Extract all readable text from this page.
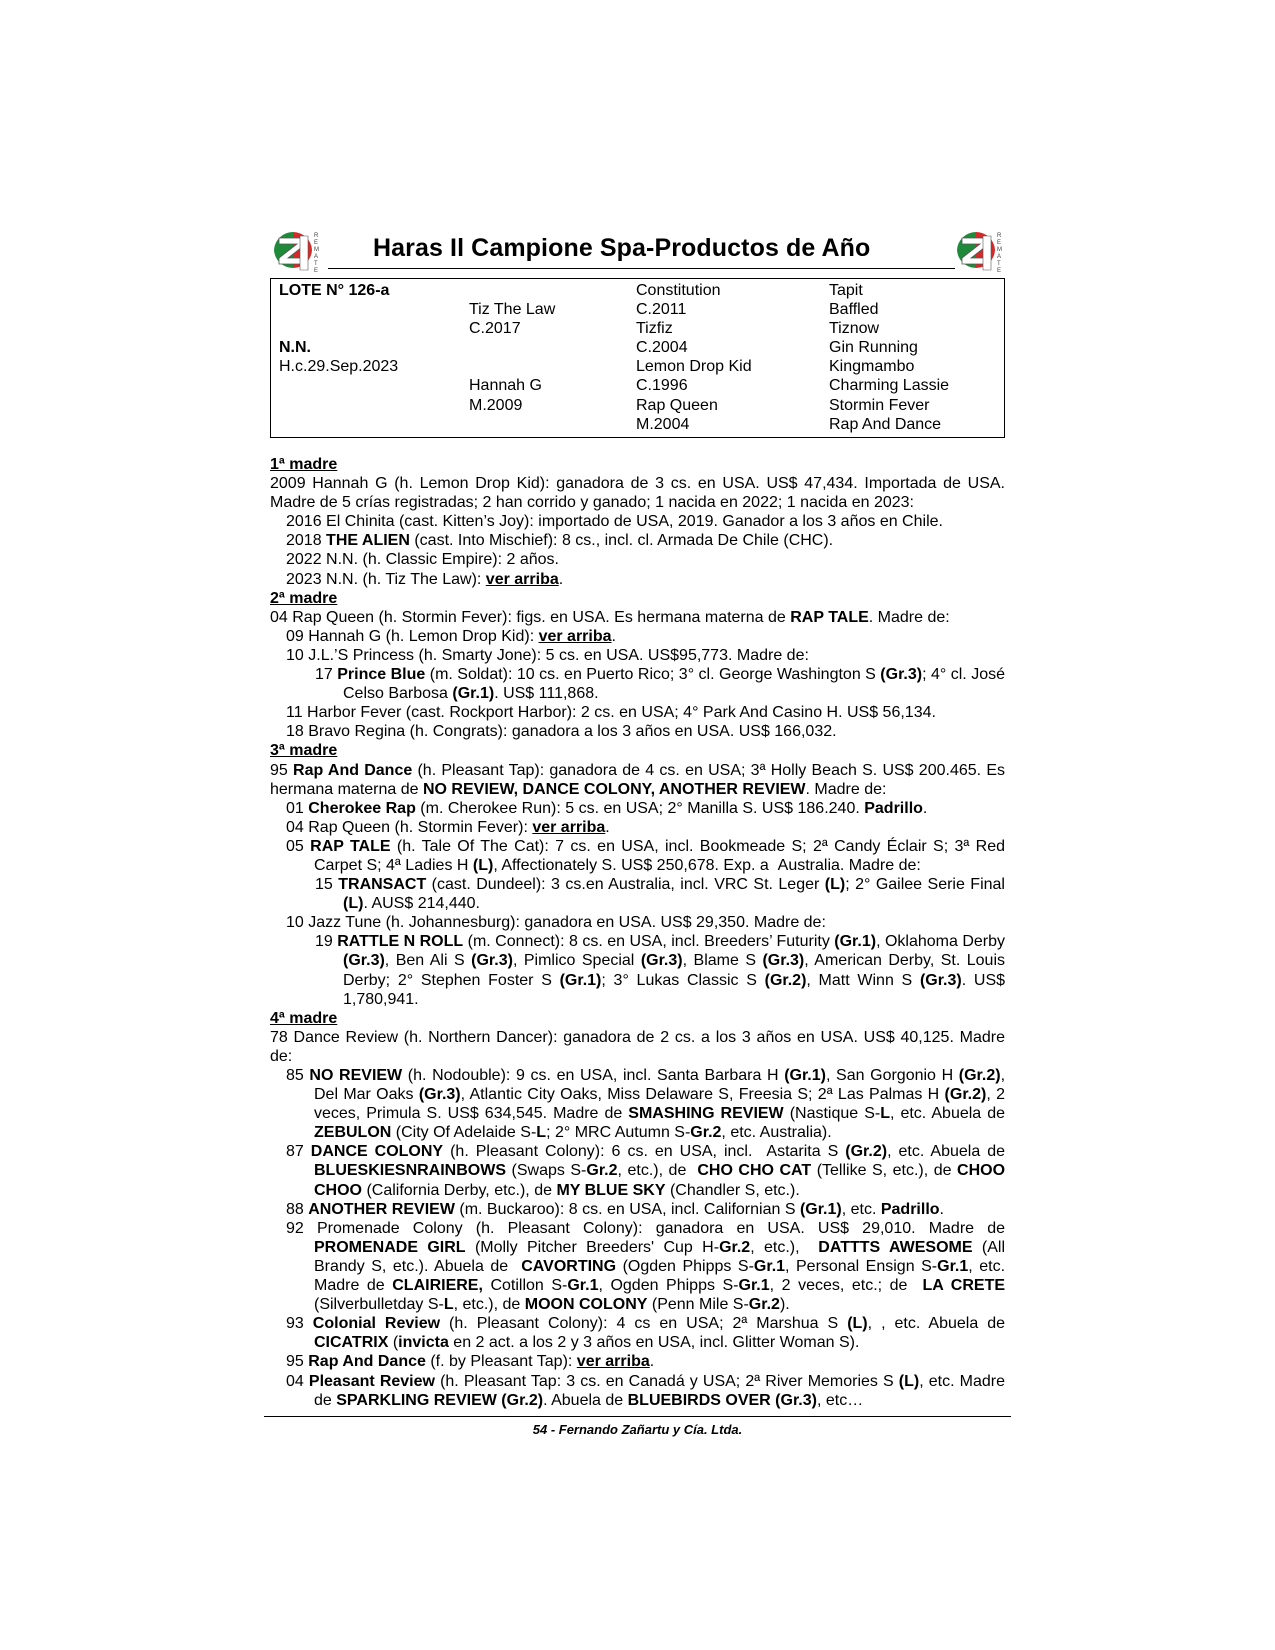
R
E
M
A
T
E
Haras Il Campione Spa-Productos de Año	R
E
M
A
T
E
LOTE N° 126-a
N.N.
H.c.29.Sep.2023
Tiz The Law
C.2017
Hannah G
M.2009
Constitution
C.2011
Tizfiz
C.2004
Lemon Drop Kid
C.1996
Rap Queen
M.2004
Tapit
Baffled
Tiznow
Gin Running
Kingmambo
Charming Lassie
Stormin Fever
Rap And Dance
1ª madre
2009 Hannah G (h. Lemon Drop Kid): ganadora de 3 cs. en USA. US$ 47,434. Importada de USA. Madre de 5 crías registradas; 2 han corrido y ganado; 1 nacida en 2022; 1 nacida en 2023:
2016 El Chinita (cast. Kitten’s Joy): importado de USA, 2019. Ganador a los 3 años en Chile.
2018 THE ALIEN (cast. Into Mischief): 8 cs., incl. cl. Armada De Chile (CHC).
2022 N.N. (h. Classic Empire): 2 años.
2023 N.N. (h. Tiz The Law): ver arriba.
2ª madre
04 Rap Queen (h. Stormin Fever): figs. en USA. Es hermana materna de RAP TALE. Madre de:
09 Hannah G (h. Lemon Drop Kid): ver arriba.
10 J.L.’S Princess (h. Smarty Jone): 5 cs. en USA. US$95,773. Madre de:
17 Prince Blue (m. Soldat): 10 cs. en Puerto Rico; 3° cl. George Washington S (Gr.3); 4° cl. José Celso Barbosa (Gr.1). US$ 111,868.
11 Harbor Fever (cast. Rockport Harbor): 2 cs. en USA; 4° Park And Casino H. US$ 56,134.
18 Bravo Regina (h. Congrats): ganadora a los 3 años en USA. US$ 166,032.
3ª madre
95 Rap And Dance (h. Pleasant Tap): ganadora de 4 cs. en USA; 3ª Holly Beach S. US$ 200.465. Es hermana materna de NO REVIEW, DANCE COLONY, ANOTHER REVIEW. Madre de:
01 Cherokee Rap (m. Cherokee Run): 5 cs. en USA; 2° Manilla S. US$ 186.240. Padrillo.
04 Rap Queen (h. Stormin Fever): ver arriba.
05 RAP TALE (h. Tale Of The Cat): 7 cs. en USA, incl. Bookmeade S; 2ª Candy Éclair S; 3ª Red Carpet S; 4ª Ladies H (L), Affectionately S. US$ 250,678. Exp. a  Australia. Madre de:
15 TRANSACT (cast. Dundeel): 3 cs.en Australia, incl. VRC St. Leger (L); 2° Gailee Serie Final (L). AUS$ 214,440.
10 Jazz Tune (h. Johannesburg): ganadora en USA. US$ 29,350. Madre de:
19 RATTLE N ROLL (m. Connect): 8 cs. en USA, incl. Breeders’ Futurity (Gr.1), Oklahoma Derby (Gr.3), Ben Ali S (Gr.3), Pimlico Special (Gr.3), Blame S (Gr.3), American Derby, St. Louis Derby; 2° Stephen Foster S (Gr.1); 3° Lukas Classic S (Gr.2), Matt Winn S (Gr.3). US$ 1,780,941.
4ª madre
78 Dance Review (h. Northern Dancer): ganadora de 2 cs. a los 3 años en USA. US$ 40,125. Madre de:
85 NO REVIEW (h. Nodouble): 9 cs. en USA, incl. Santa Barbara H (Gr.1), San Gorgonio H (Gr.2), Del Mar Oaks (Gr.3), Atlantic City Oaks, Miss Delaware S, Freesia S; 2ª Las Palmas H (Gr.2), 2 veces, Primula S. US$ 634,545. Madre de SMASHING REVIEW (Nastique S-L, etc. Abuela de ZEBULON (City Of Adelaide S-L; 2° MRC Autumn S-Gr.2, etc. Australia).
87 DANCE COLONY (h. Pleasant Colony): 6 cs. en USA, incl.  Astarita S (Gr.2), etc. Abuela de BLUESKIESNRAINBOWS (Swaps S-Gr.2, etc.), de  CHO CHO CAT (Tellike S, etc.), de CHOO CHOO (California Derby, etc.), de MY BLUE SKY (Chandler S, etc.).
88 ANOTHER REVIEW (m. Buckaroo): 8 cs. en USA, incl. Californian S (Gr.1), etc. Padrillo.
92 Promenade Colony (h. Pleasant Colony): ganadora en USA. US$ 29,010. Madre de PROMENADE GIRL (Molly Pitcher Breeders' Cup H-Gr.2, etc.),  DATTTS AWESOME (All Brandy S, etc.). Abuela de  CAVORTING (Ogden Phipps S-Gr.1, Personal Ensign S-Gr.1, etc. Madre de CLAIRIERE, Cotillon S-Gr.1, Ogden Phipps S-Gr.1, 2 veces, etc.; de  LA CRETE (Silverbulletday S-L, etc.), de MOON COLONY (Penn Mile S-Gr.2).
93 Colonial Review (h. Pleasant Colony): 4 cs en USA; 2ª Marshua S (L), , etc. Abuela de CICATRIX (invicta en 2 act. a los 2 y 3 años en USA, incl. Glitter Woman S).
95 Rap And Dance (f. by Pleasant Tap): ver arriba.
04 Pleasant Review (h. Pleasant Tap: 3 cs. en Canadá y USA; 2ª River Memories S (L), etc. Madre de SPARKLING REVIEW (Gr.2). Abuela de BLUEBIRDS OVER (Gr.3), etc…
54 - Fernando Zañartu y Cía. Ltda.
